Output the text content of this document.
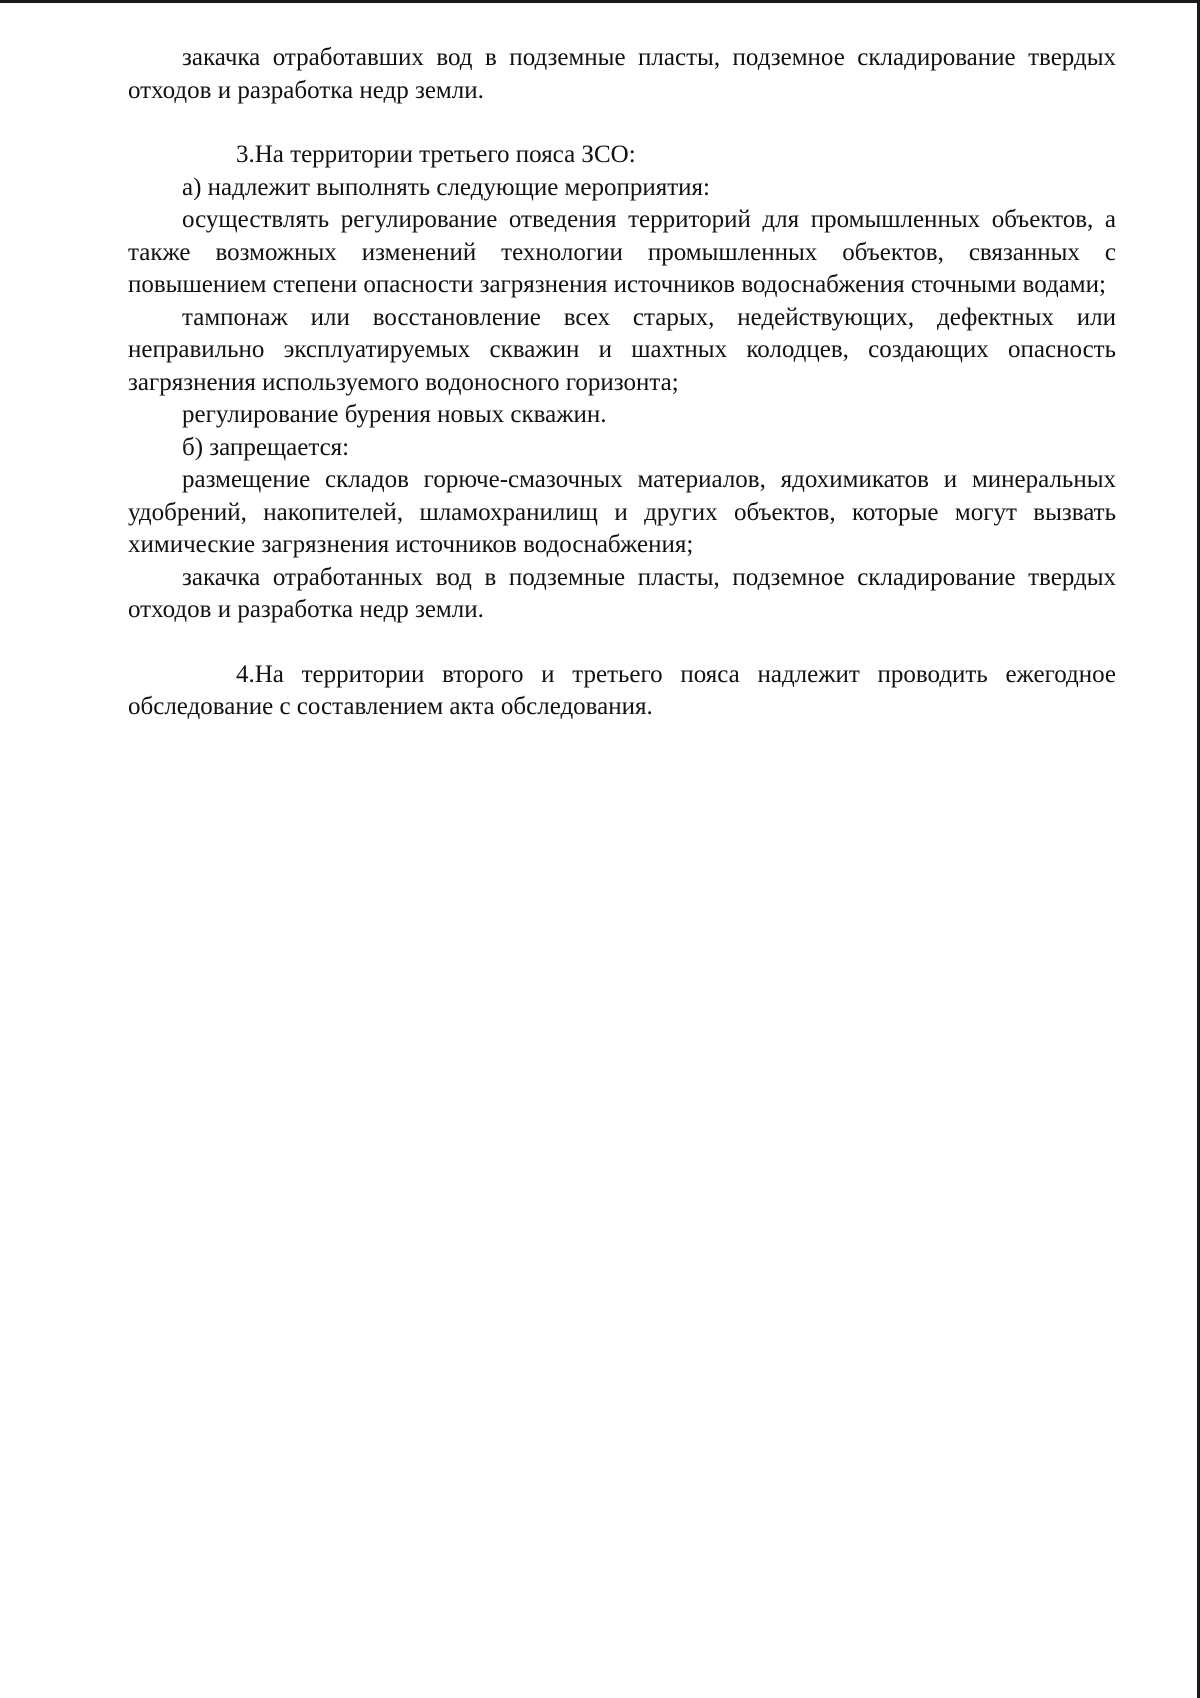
закачка отработавших вод в подземные пласты, подземное складирование твердых отходов и разработка недр земли.

3.На территории третьего пояса ЗСО:

а) надлежит выполнять следующие мероприятия:

осуществлять регулирование отведения территорий для промышленных объектов, а также возможных изменений технологии промышленных объектов, связанных с повышением степени опасности загрязнения источников водоснабжения сточными водами;

тампонаж или восстановление всех старых, недействующих, дефектных или неправильно эксплуатируемых скважин и шахтных колодцев, создающих опасность загрязнения используемого водоносного горизонта;

регулирование бурения новых скважин.

б) запрещается:

размещение складов горюче-смазочных материалов, ядохимикатов и минеральных удобрений, накопителей, шламохранилищ и других объектов, которые могут вызвать химические загрязнения источников водоснабжения;

закачка отработанных вод в подземные пласты, подземное складирование твердых отходов и разработка недр земли.

4.На территории второго и третьего пояса надлежит проводить ежегодное обследование с составлением акта обследования.
